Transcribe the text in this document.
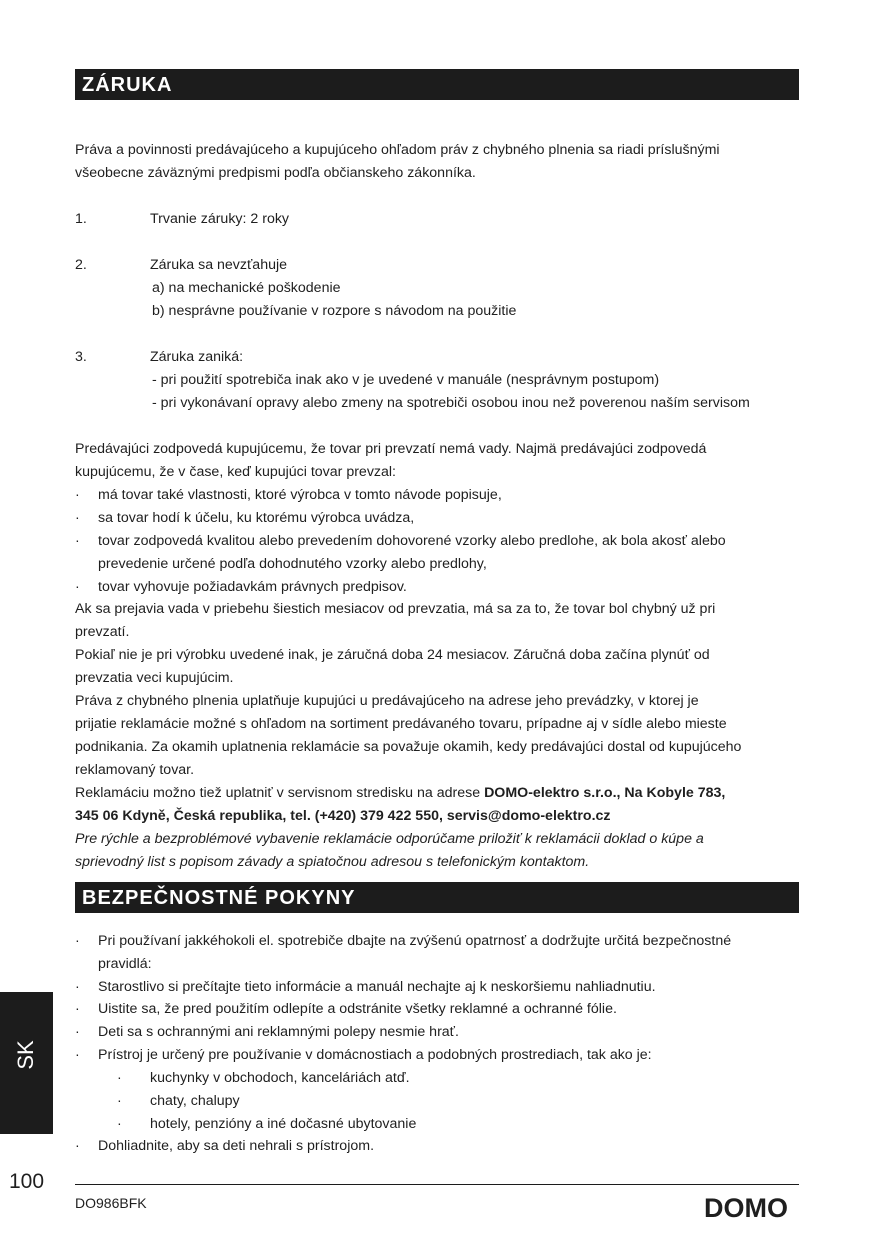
ZÁRUKA
Práva a povinnosti predávajúceho a kupujúceho ohľadom práv z chybného plnenia sa riadi príslušnými
všeobecne záväznými predpismi podľa občianskeho zákonníka.
1.	Trvanie záruky: 2 roky
2.	Záruka sa nevzťahuje
a) na mechanické poškodenie
b) nesprávne používanie v rozpore s návodom na použitie
3.	Záruka zaniká:
- pri použití spotrebiča inak ako v je uvedené v manuále (nesprávnym postupom)
- pri vykonávaní opravy alebo zmeny na spotrebiči osobou inou než poverenou naším servisom
Predávajúci zodpovedá kupujúcemu, že tovar pri prevzatí nemá vady. Najmä predávajúci zodpovedá
kupujúcemu, že v čase, keď kupujúci tovar prevzal:
· má tovar také vlastnosti, ktoré výrobca v tomto návode popisuje,
· sa tovar hodí k účelu, ku ktorému výrobca uvádza,
· tovar zodpovedá kvalitou alebo prevedením dohovorené vzorky alebo predlohe, ak bola akosť alebo
prevedenie určené podľa dohodnutého vzorky alebo predlohy,
· tovar vyhovuje požiadavkám právnych predpisov.
Ak sa prejavia vada v priebehu šiestich mesiacov od prevzatia, má sa za to, že tovar bol chybný už pri
prevzatí.
Pokiaľ nie je pri výrobku uvedené inak, je záručná doba 24 mesiacov. Záručná doba začína plynúť od
prevzatia veci kupujúcim.
Práva z chybného plnenia uplatňuje kupujúci u predávajúceho na adrese jeho prevádzky, v ktorej je
prijatie reklamácie možné s ohľadom na sortiment predávaného tovaru, prípadne aj v sídle alebo mieste
podnikania. Za okamih uplatnenia reklamácie sa považuje okamih, kedy predávajúci dostal od kupujúceho
reklamovaný tovar.
Reklamáciu možno tiež uplatniť v servisnom stredisku na adrese DOMO-elektro s.r.o., Na Kobyle 783,
345 06 Kdyně, Česká republika, tel. (+420) 379 422 550, servis@domo-elektro.cz
Pre rýchle a bezproblémové vybavenie reklamácie odporúčame priložiť k reklamácii doklad o kúpe a
sprievodný list s popisom závady a spiatočnou adresou s telefonickým kontaktom.
BEZPEČNOSTNÉ POKYNY
· Pri používaní jakkéhokoli el. spotrebiče dbajte na zvýšenú opatrnosť a dodržujte určitá bezpečnostné
pravidlá:
· Starostlivo si prečítajte tieto informácie a manuál nechajte aj k neskoršiemu nahliadnutiu.
· Uistite sa, že pred použitím odlepíte a odstránite všetky reklamné a ochranné fólie.
· Deti sa s ochrannými ani reklamnými polepy nesmie hrať.
· Prístroj je určený pre používanie v domácnostiach a podobných prostrediach, tak ako je:
· kuchynky v obchodoch, kanceláriách atď.
· chaty, chalupy
· hotely, penzióny a iné dočasné ubytovanie
· Dohliadnite, aby sa deti nehrali s prístrojom.
SK
100
DO986BFK	DOMO
